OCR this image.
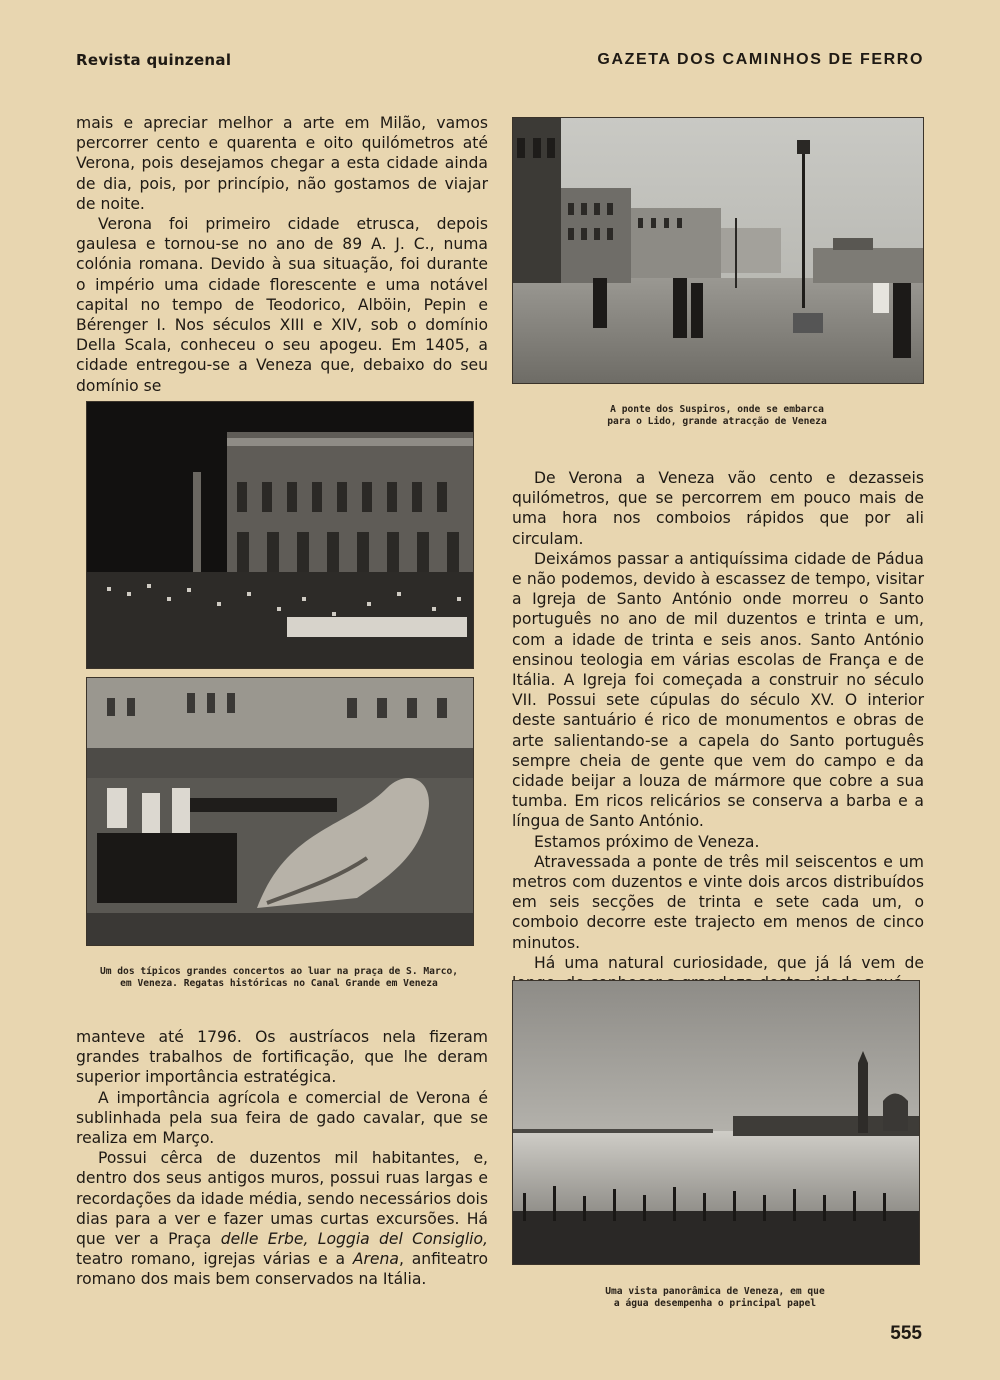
Revista quinzenal	GAZETA DOS CAMINHOS DE FERRO

mais e apreciar melhor a arte em Milão, vamos percorrer cento e quarenta e oito quilómetros até Verona, pois desejamos chegar a esta cidade ainda de dia, pois, por princípio, não gostamos de viajar de noite.

Verona foi primeiro cidade etrusca, depois gaulesa e tornou-se no ano de 89 A. J. C., numa colónia romana. Devido à sua situação, foi durante o império uma cidade florescente e uma notável capital no tempo de Teodorico, Alböin, Pepin e Bérenger I. Nos séculos XIII e XIV, sob o domínio Della Scala, conheceu o seu apogeu. Em 1405, a cidade entregou-se a Veneza que, debaixo do seu domínio se

A ponte dos Suspiros, onde se embarca
para o Lido, grande atracção de Veneza
Um dos típicos grandes concertos ao luar na praça de S. Marco,
em Veneza. Regatas históricas no Canal Grande em Veneza

De Verona a Veneza vão cento e dezasseis quilómetros, que se percorrem em pouco mais de uma hora nos comboios rápidos que por ali circulam.

Deixámos passar a antiquíssima cidade de Pádua e não podemos, devido à escassez de tempo, visitar a Igreja de Santo António onde morreu o Santo português no ano de mil duzentos e trinta e um, com a idade de trinta e seis anos. Santo António ensinou teologia em várias escolas de França e de Itália. A Igreja foi começada a construir no século VII. Possui sete cúpulas do século XV. O interior deste santuário é rico de monumentos e obras de arte salientando-se a capela do Santo português sempre cheia de gente que vem do campo e da cidade beijar a louza de mármore que cobre a sua tumba. Em ricos relicários se conserva a barba e a língua de Santo António.

Estamos próximo de Veneza.

Atravessada a ponte de três mil seiscentos e um metros com duzentos e vinte dois arcos distribuídos em seis secções de trinta e sete cada um, o comboio decorre este trajecto em menos de cinco minutos.

Há uma natural curiosidade, que já lá vem de

manteve até 1796. Os austríacos nela fizeram grandes trabalhos de fortificação, que lhe deram superior importância estratégica.

A importância agrícola e comercial de Verona é sublinhada pela sua feira de gado cavalar, que se realiza em Março.

Possui cêrca de duzentos mil habitantes, e, dentro dos seus antigos muros, possui ruas largas e recordações da idade média, sendo necessários dois dias para a ver e fazer umas curtas excursões. Há que ver a Praça delle Erbe, Loggia del Consiglio, teatro romano, igrejas várias e a Arena, anfiteatro romano dos mais bem conservados na Itália.

Uma vista panorâmica de Veneza, em que
a água desempenha o principal papel
555
